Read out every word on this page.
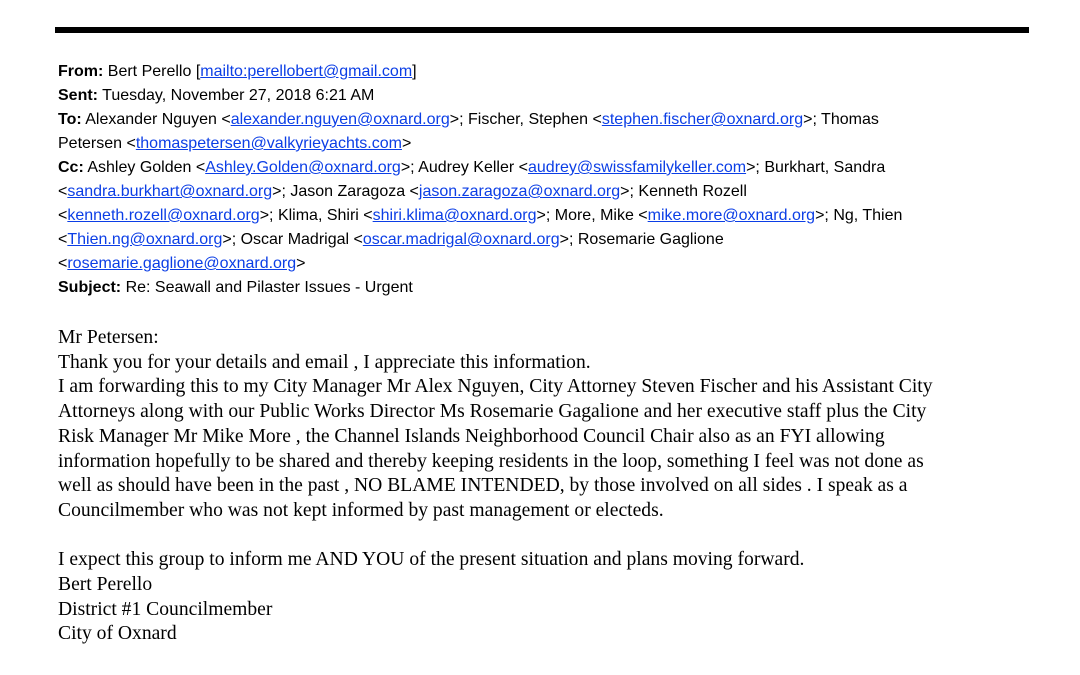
From: Bert Perello [mailto:perellobert@gmail.com]

Sent: Tuesday, November 27, 2018 6:21 AM

To: Alexander Nguyen <alexander.nguyen@oxnard.org>; Fischer, Stephen <stephen.fischer@oxnard.org>; Thomas
Petersen <thomaspetersen@valkyrieyachts.com>

Cc: Ashley Golden <Ashley.Golden@oxnard.org>; Audrey Keller <audrey@swissfamilykeller.com>; Burkhart, Sandra
<sandra.burkhart@oxnard.org>; Jason Zaragoza <jason.zaragoza@oxnard.org>; Kenneth Rozell
<kenneth.rozell@oxnard.org>; Klima, Shiri <shiri.klima@oxnard.org>; More, Mike <mike.more@oxnard.org>; Ng, Thien
<Thien.ng@oxnard.org>; Oscar Madrigal <oscar.madrigal@oxnard.org>; Rosemarie Gaglione
<rosemarie.gaglione@oxnard.org>

Subject: Re: Seawall and Pilaster Issues - Urgent

Mr Petersen:

Thank you for your details and email , I appreciate this information.

I am forwarding this to my City Manager Mr Alex Nguyen, City Attorney Steven Fischer and his Assistant City

Attorneys along with our Public Works Director Ms Rosemarie Gagalione and her executive staff plus the City

Risk Manager Mr Mike More , the Channel Islands Neighborhood Council Chair also as an FYI allowing

information hopefully to be shared and thereby keeping residents in the loop, something I feel was not done as

well as should have been in the past , NO BLAME INTENDED, by those involved on all sides . I speak as a

Councilmember who was not kept informed by past management or electeds.

I expect this group to inform me AND YOU of the present situation and plans moving forward.

Bert Perello

District #1 Councilmember

City of Oxnard
